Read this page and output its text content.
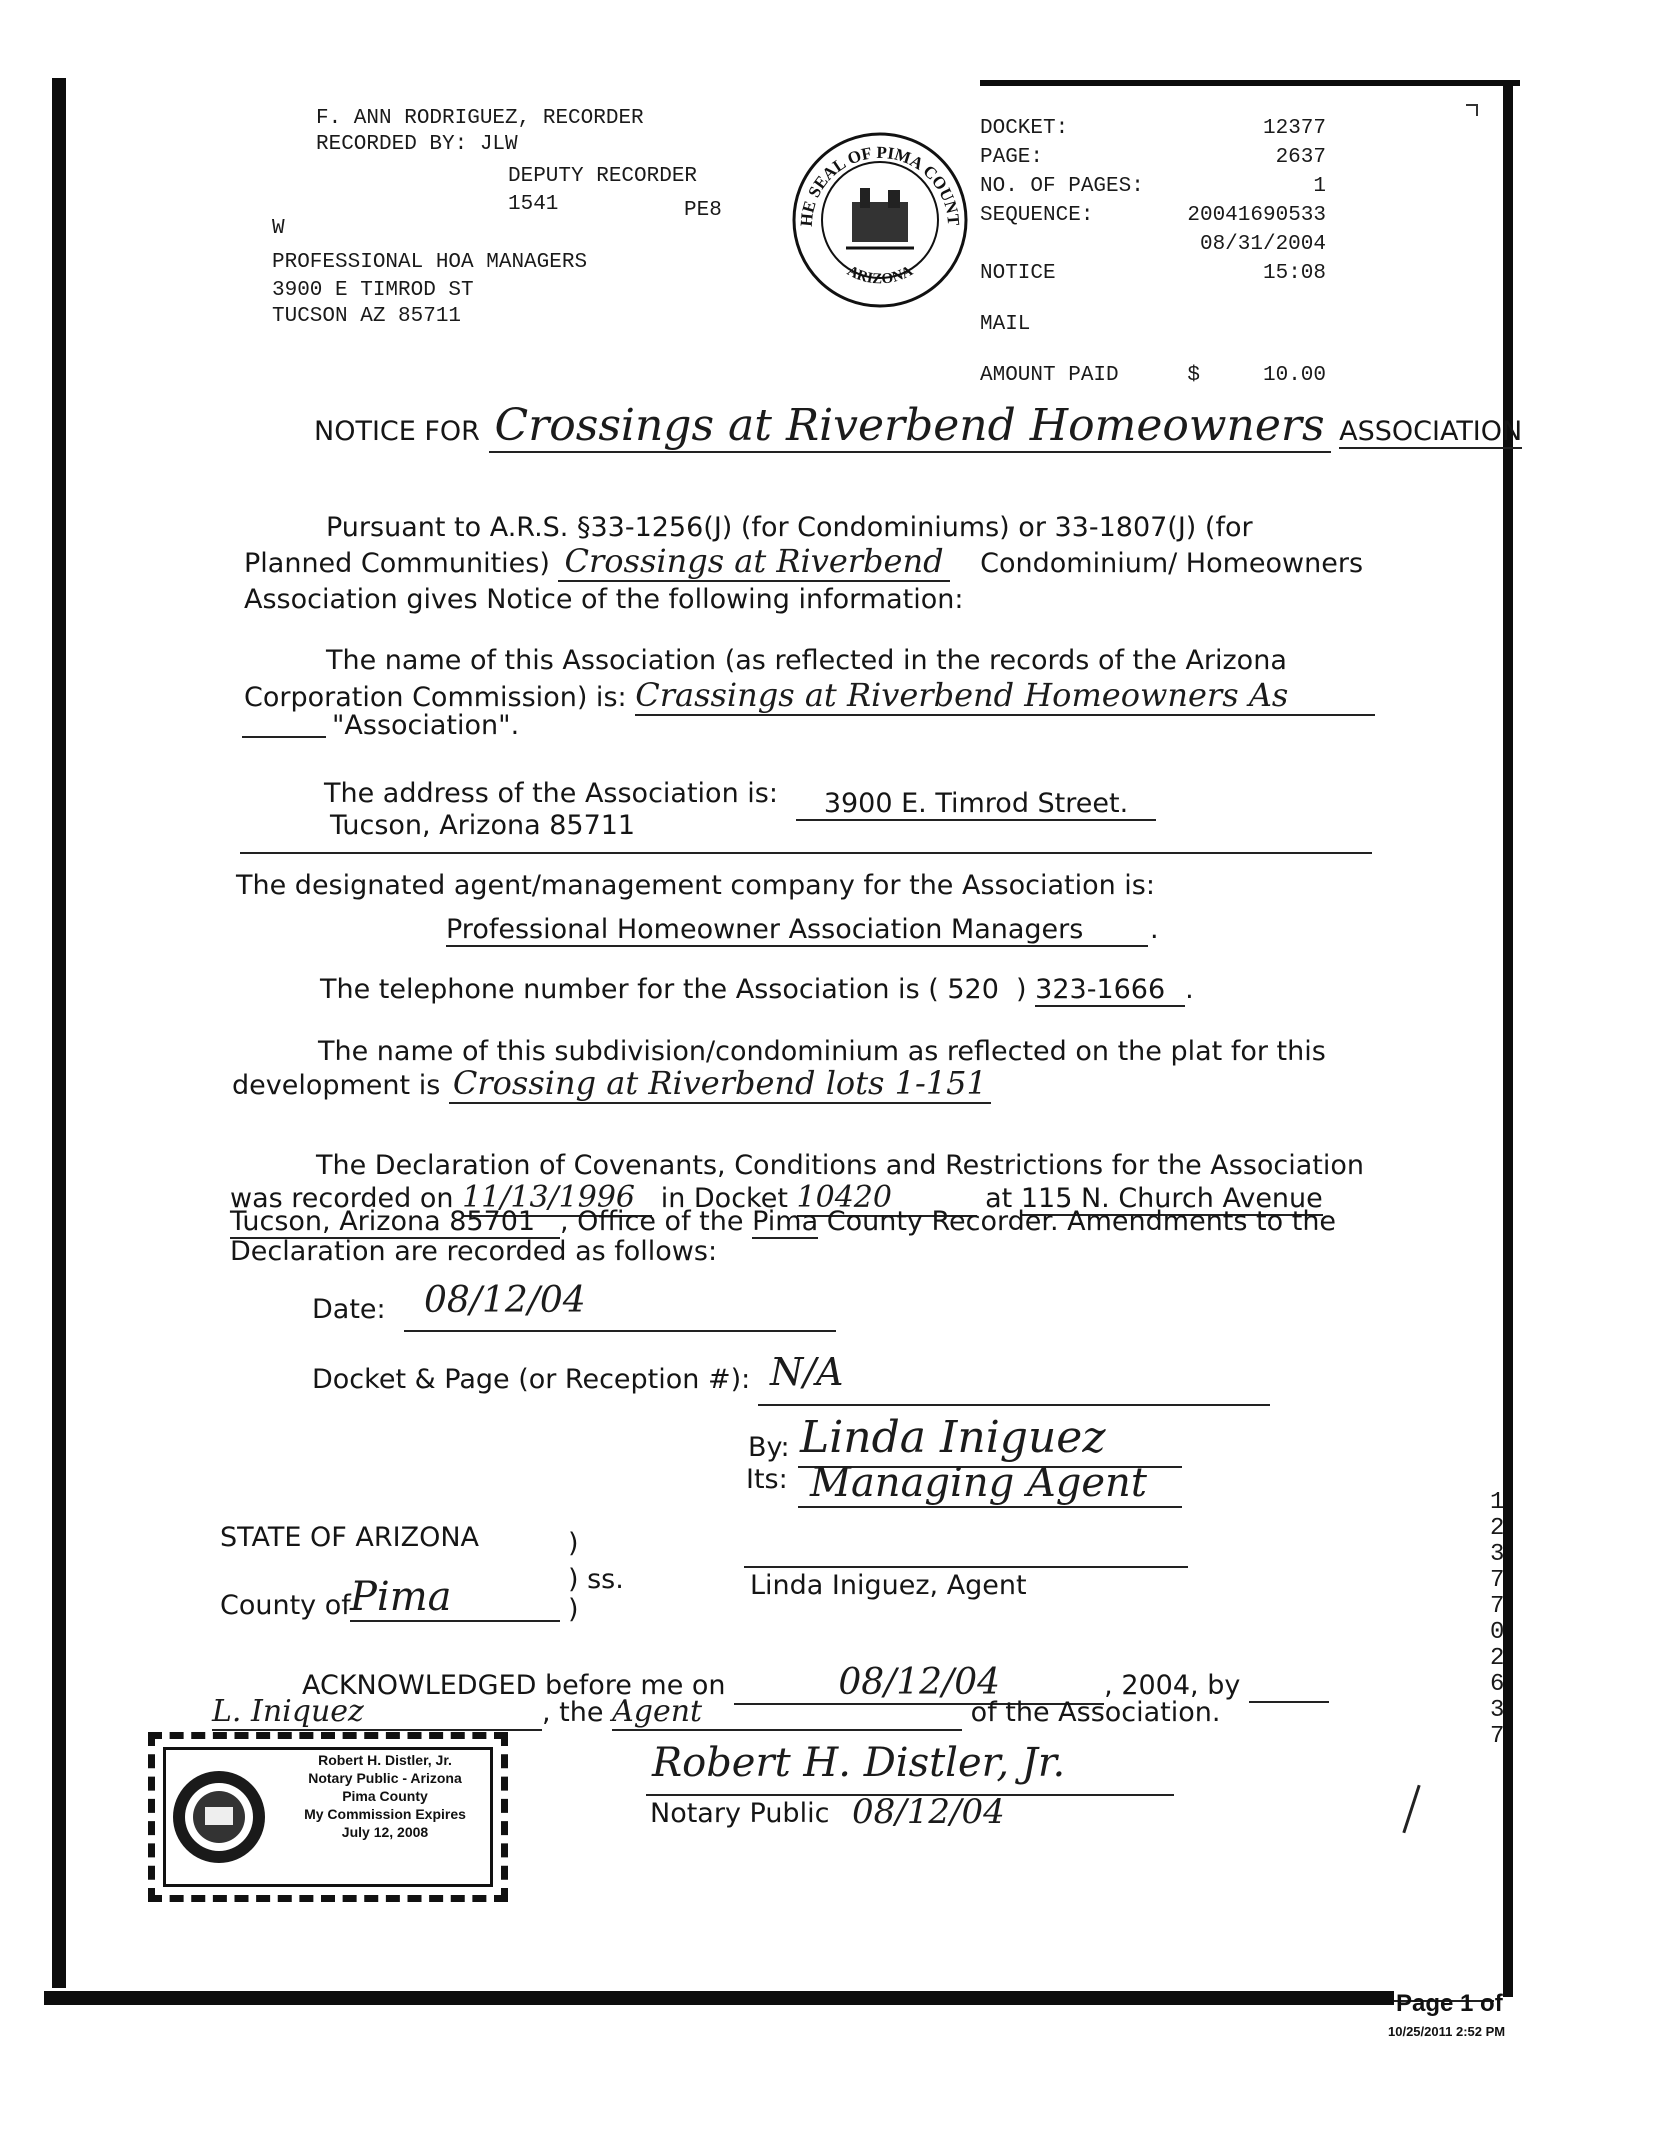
F. ANN RODRIGUEZ, RECORDER
RECORDED BY: JLW
DEPUTY RECORDER
1541	PE8
W
PROFESSIONAL HOA MANAGERS
3900 E TIMROD ST
TUCSON AZ 85711
HE SEAL OF PIMA COUNT
ARIZONA
DOCKET:	12377
PAGE:	2637
NO. OF PAGES:	1
SEQUENCE:	20041690533
08/31/2004
NOTICE	15:08
MAIL
AMOUNT PAID	$	10.00
NOTICE FOR Crossings at Riverbend Homeowners ASSOCIATION
Pursuant to A.R.S. §33-1256(J) (for Condominiums) or 33-1807(J) (for
Planned Communities) Crossings at Riverbend Condominium/ Homeowners
Association gives Notice of the following information:
The name of this Association (as reflected in the records of the Arizona
Corporation Commission) is: Crassings at Riverbend Homeowners As
"Association".
The address of the Association is:	3900 E. Timrod Street.
Tucson, Arizona 85711
The designated agent/management company for the Association is:
Professional Homeowner Association Managers	.
The telephone number for the Association is ( 520  ) 323-1666 .
The name of this subdivision/condominium as reflected on the plat for this
development is Crossing at Riverbend lots 1-151
The Declaration of Covenants, Conditions and Restrictions for the Association
was recorded on 11/13/1996 in Docket 10420	at 115 N. Church Avenue
Tucson, Arizona 85701 , Office of the Pima County Recorder. Amendments to the
Declaration are recorded as follows:
Date: 08/12/04
Docket & Page (or Reception #): N/A
By: Linda Iniguez
Its: Managing Agent
Linda Iniguez, Agent
STATE OF ARIZONA	)
) ss.
County of Pima	)
ACKNOWLEDGED before me on	08/12/04	, 2004, by
L. Iniquez	, the Agent	of the Association.
Robert H. Distler, Jr.
Notary Public - Arizona
Pima County
My Commission Expires
July 12, 2008
Robert H. Distler, Jr.
Notary Public 08/12/04
12377
02637
Page 1 of
10/25/2011 2:52 PM
